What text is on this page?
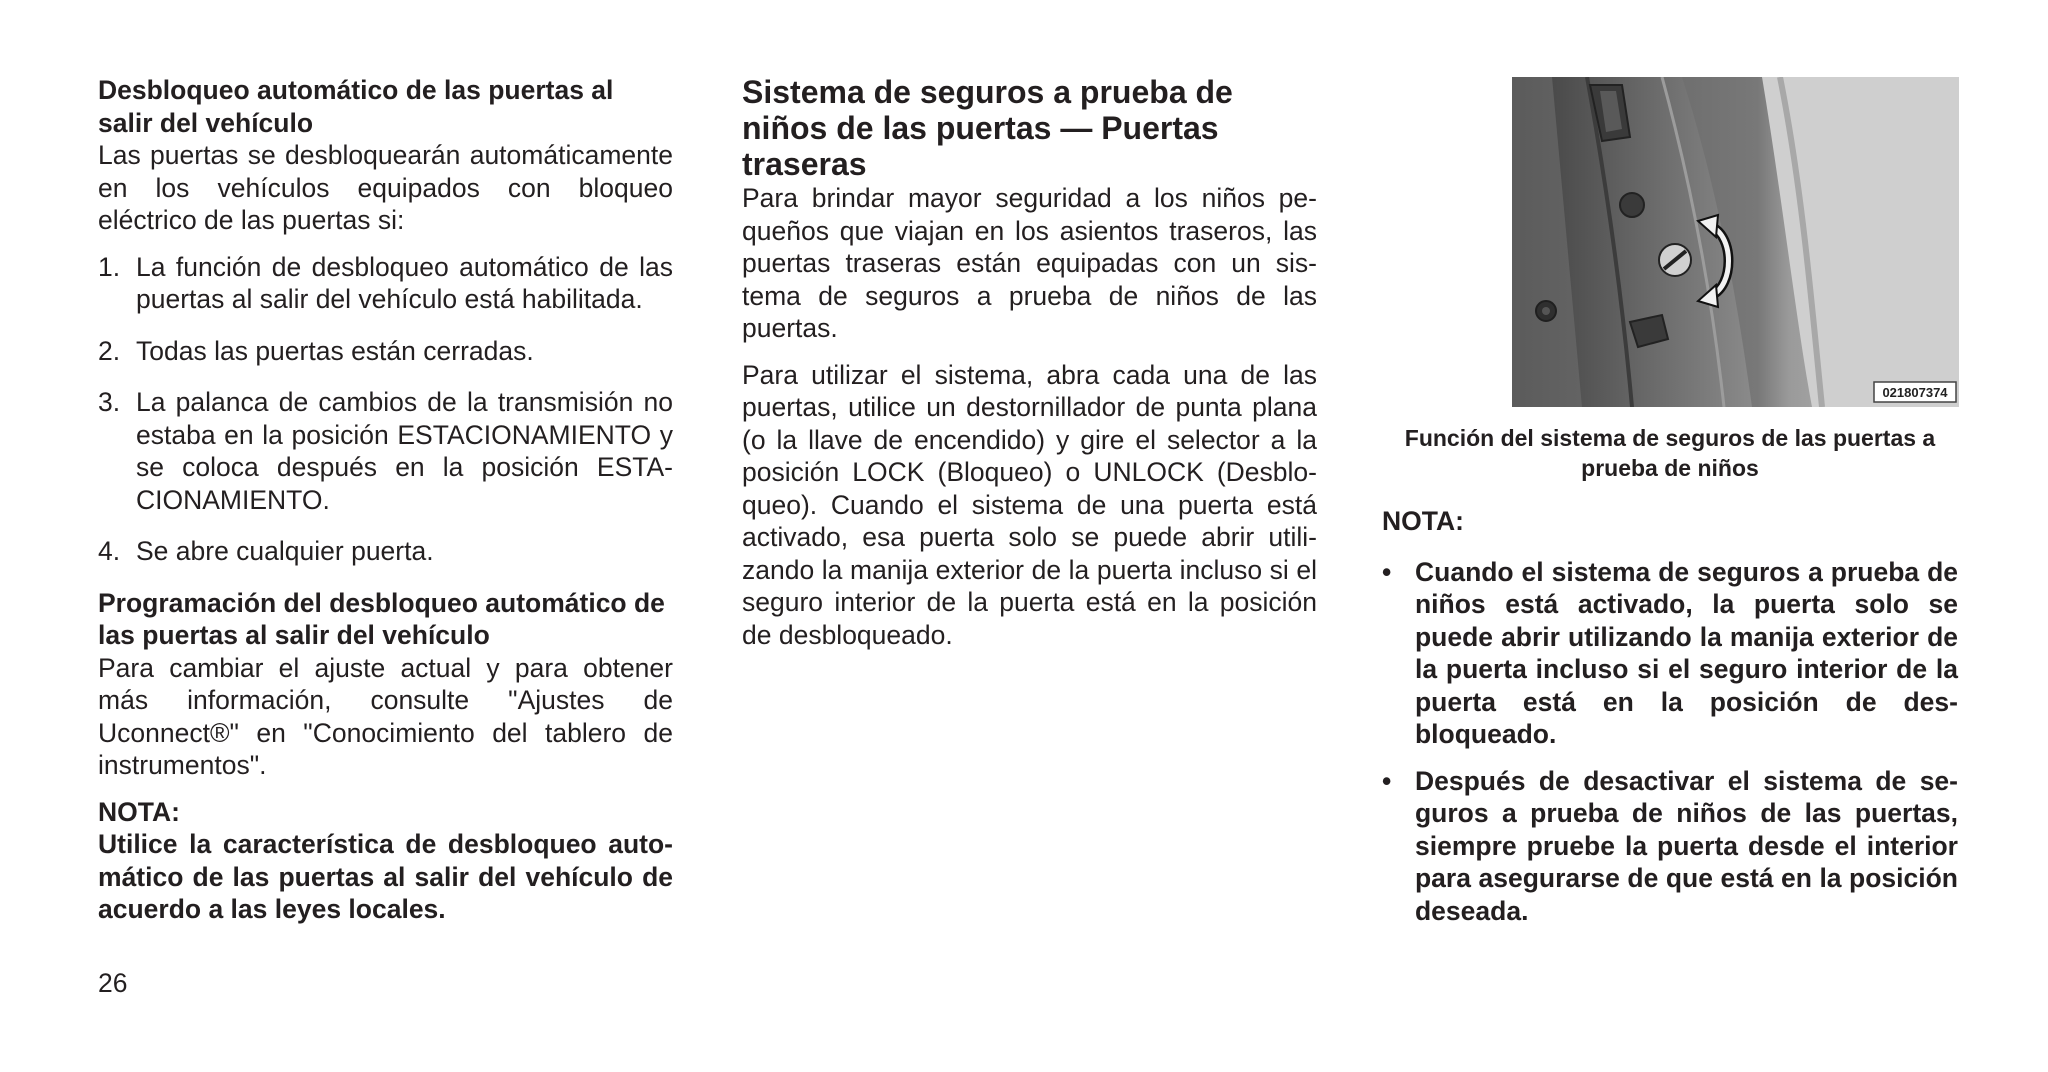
Desbloqueo automático de las puertas al salir del vehículo

Las puertas se desbloquearán automáticamente en los vehículos equipados con bloqueo eléctrico de las puertas si:

1. La función de desbloqueo automático de las puertas al salir del vehículo está habilitada.
2. Todas las puertas están cerradas.
3. La palanca de cambios de la transmisión no estaba en la posición ESTACIONAMIENTO y se coloca después en la posición ESTACIONAMIENTO.
4. Se abre cualquier puerta.
Programación del desbloqueo automático de las puertas al salir del vehículo

Para cambiar el ajuste actual y para obtener más información, consulte "Ajustes de Uconnect®" en "Conocimiento del tablero de instrumentos".

NOTA:

Utilice la característica de desbloqueo automático de las puertas al salir del vehículo de acuerdo a las leyes locales.

Sistema de seguros a prueba de niños de las puertas — Puertas traseras

Para brindar mayor seguridad a los niños pequeños que viajan en los asientos traseros, las puertas traseras están equipadas con un sistema de seguros a prueba de niños de las puertas.

Para utilizar el sistema, abra cada una de las puertas, utilice un destornillador de punta plana (o la llave de encendido) y gire el selector a la posición LOCK (Bloqueo) o UNLOCK (Desbloqueo). Cuando el sistema de una puerta está activado, esa puerta solo se puede abrir utilizando la manija exterior de la puerta incluso si el seguro interior de la puerta está en la posición de desbloqueado.

021807374
Función del sistema de seguros de las puertas a prueba de niños
NOTA:
• Cuando el sistema de seguros a prueba de niños está activado, la puerta solo se puede abrir utilizando la manija exterior de la puerta incluso si el seguro interior de la puerta está en la posición de desbloqueado.
• Después de desactivar el sistema de seguros a prueba de niños de las puertas, siempre pruebe la puerta desde el interior para asegurarse de que está en la posición deseada.
26
